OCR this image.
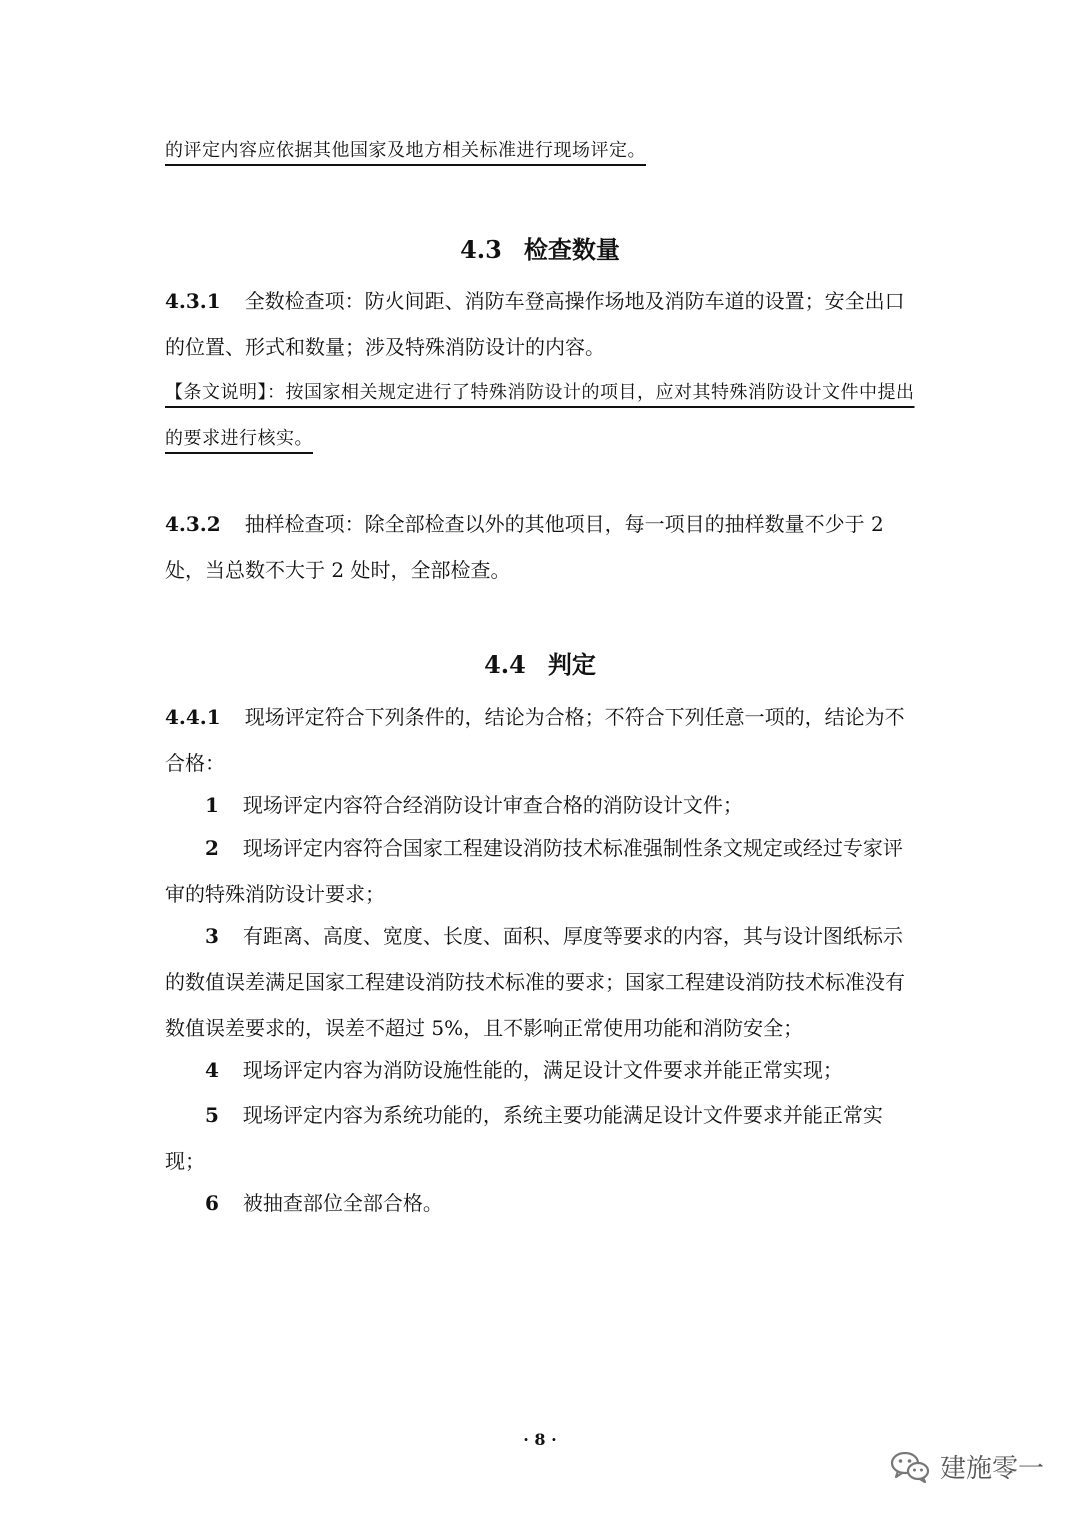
的评定内容应依据其他国家及地方相关标准进行现场评定。

4.3 检查数量

4.3.1 全数检查项：防火间距、消防车登高操作场地及消防车道的设置；安全出口的位置、形式和数量；涉及特殊消防设计的内容。

【条文说明】：按国家相关规定进行了特殊消防设计的项目，应对其特殊消防设计文件中提出的要求进行核实。

4.3.2 抽样检查项：除全部检查以外的其他项目，每一项目的抽样数量不少于 2 处，当总数不大于 2 处时，全部检查。

4.4 判定

4.4.1 现场评定符合下列条件的，结论为合格；不符合下列任意一项的，结论为不合格：

1 现场评定内容符合经消防设计审查合格的消防设计文件；

2 现场评定内容符合国家工程建设消防技术标准强制性条文规定或经过专家评审的特殊消防设计要求；

3 有距离、高度、宽度、长度、面积、厚度等要求的内容，其与设计图纸标示的数值误差满足国家工程建设消防技术标准的要求；国家工程建设消防技术标准没有数值误差要求的，误差不超过 5%，且不影响正常使用功能和消防安全；

4 现场评定内容为消防设施性能的，满足设计文件要求并能正常实现；

5 现场评定内容为系统功能的，系统主要功能满足设计文件要求并能正常实现；

6 被抽查部位全部合格。

· 8 ·
建施零一
